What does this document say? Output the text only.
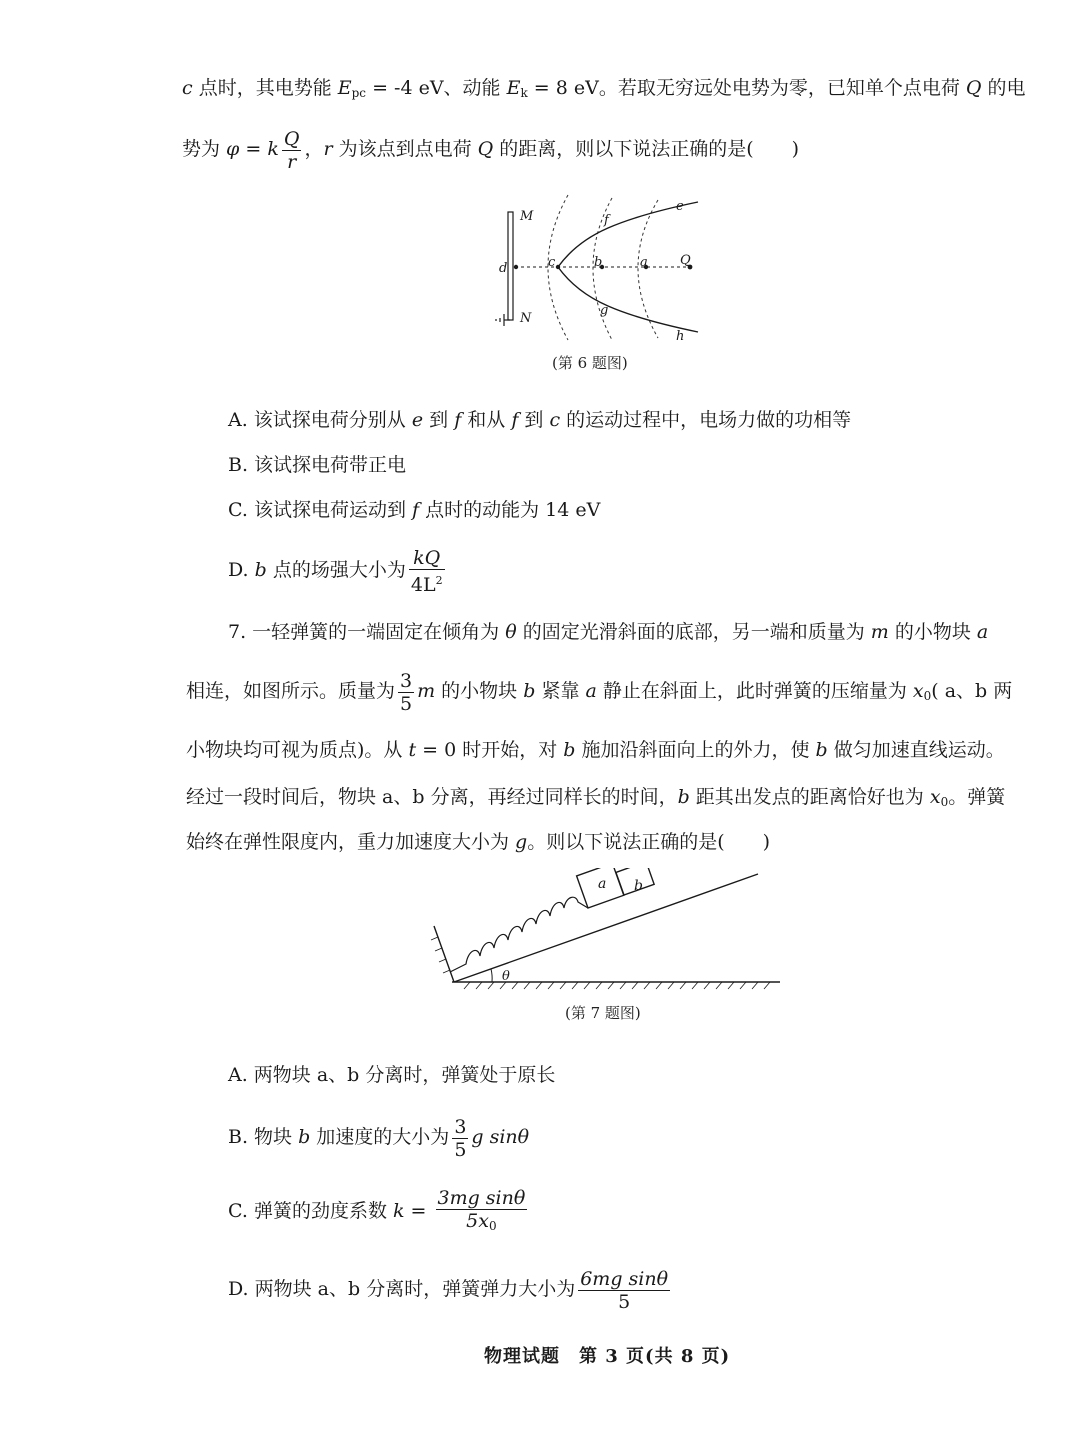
c 点时，其电势能 $E_{pc} = -4$ eV、动能 $E_k = 8$ eV。若取无穷远处电势为零，已知单个点电荷 Q 的电
势为 φ = k $\frac{Q}{r}$ ，r 为该点到点电荷 Q 的距离，则以下说法正确的是(　　)
M
N
d	c	b	a Q
e
f
g
h
(第 6 题图)
A. 该试探电荷分别从 e 到 f 和从 f 到 c 的运动过程中，电场力做的功相等
B. 该试探电荷带正电
C. 该试探电荷运动到 f 点时的动能为 14 eV
D. b 点的场强大小为 $\frac{kQ}{4L^2}$
7. 一轻弹簧的一端固定在倾角为 θ 的固定光滑斜面的底部，另一端和质量为 m 的小物块 a
相连，如图所示。质量为 $\frac{3}{5}$ m 的小物块 b 紧靠 a 静止在斜面上，此时弹簧的压缩量为 $x_0$( a、b 两
小物块均可视为质点)。从 t = 0 时开始，对 b 施加沿斜面向上的外力，使 b 做匀加速直线运动。
经过一段时间后，物块 a、b 分离，再经过同样长的时间，b 距其出发点的距离恰好也为 $x_0$。弹簧
始终在弹性限度内，重力加速度大小为 g。则以下说法正确的是(　　)
a b
θ
(第 7 题图)
A. 两物块 a、b 分离时，弹簧处于原长
B. 物块 b 加速度的大小为 $\frac{3}{5}$ g sinθ
C. 弹簧的劲度系数 $k = \frac{\text{3mg sinθ}}{5x_0}$
D. 两物块 a、b 分离时，弹簧弹力大小为 $\frac{\text{6mg sinθ}}{5}$
物理试题　第 3 页(共 8 页)
